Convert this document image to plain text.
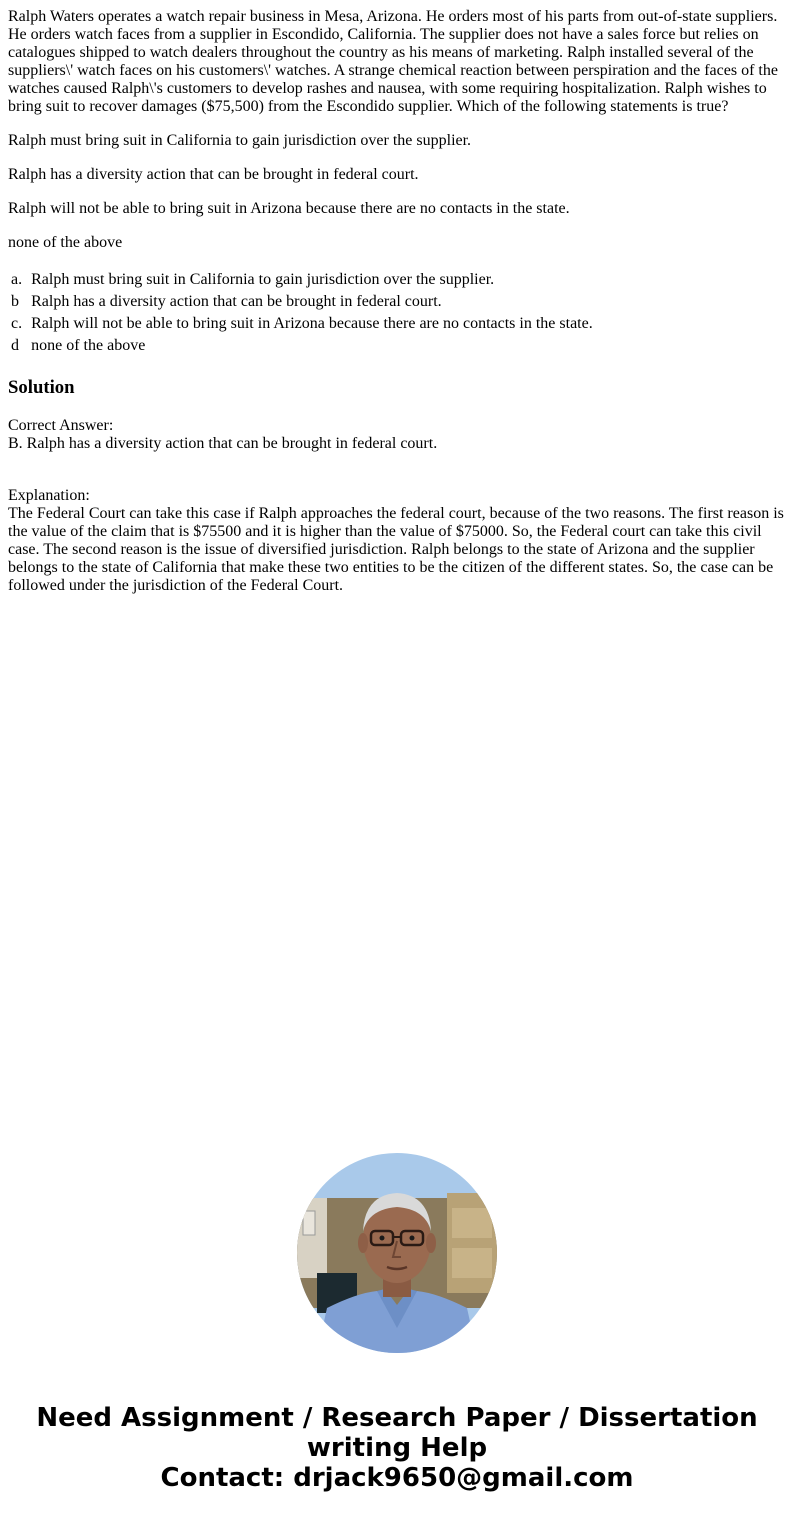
Ralph Waters operates a watch repair business in Mesa, Arizona. He orders most of his parts from out-of-state suppliers. He orders watch faces from a supplier in Escondido, California. The supplier does not have a sales force but relies on catalogues shipped to watch dealers throughout the country as his means of marketing. Ralph installed several of the suppliers\' watch faces on his customers\' watches. A strange chemical reaction between perspiration and the faces of the watches caused Ralph\'s customers to develop rashes and nausea, with some requiring hospitalization. Ralph wishes to bring suit to recover damages ($75,500) from the Escondido supplier. Which of the following statements is true?

Ralph must bring suit in California to gain jurisdiction over the supplier.

Ralph has a diversity action that can be brought in federal court.

Ralph will not be able to bring suit in Arizona because there are no contacts in the state.

none of the above

a.	Ralph must bring suit in California to gain jurisdiction over the supplier.
b	Ralph has a diversity action that can be brought in federal court.
c.	Ralph will not be able to bring suit in Arizona because there are no contacts in the state.
d	none of the above
Solution
Correct Answer:
B. Ralph has a diversity action that can be brought in federal court.
Explanation:
The Federal Court can take this case if Ralph approaches the federal court, because of the two reasons. The first reason is the value of the claim that is $75500 and it is higher than the value of $75000. So, the Federal court can take this civil case. The second reason is the issue of diversified jurisdiction. Ralph belongs to the state of Arizona and the supplier belongs to the state of California that make these two entities to be the citizen of the different states. So, the case can be followed under the jurisdiction of the Federal Court.
Need Assignment / Research Paper / Dissertation
writing Help
Contact: drjack9650@gmail.com
